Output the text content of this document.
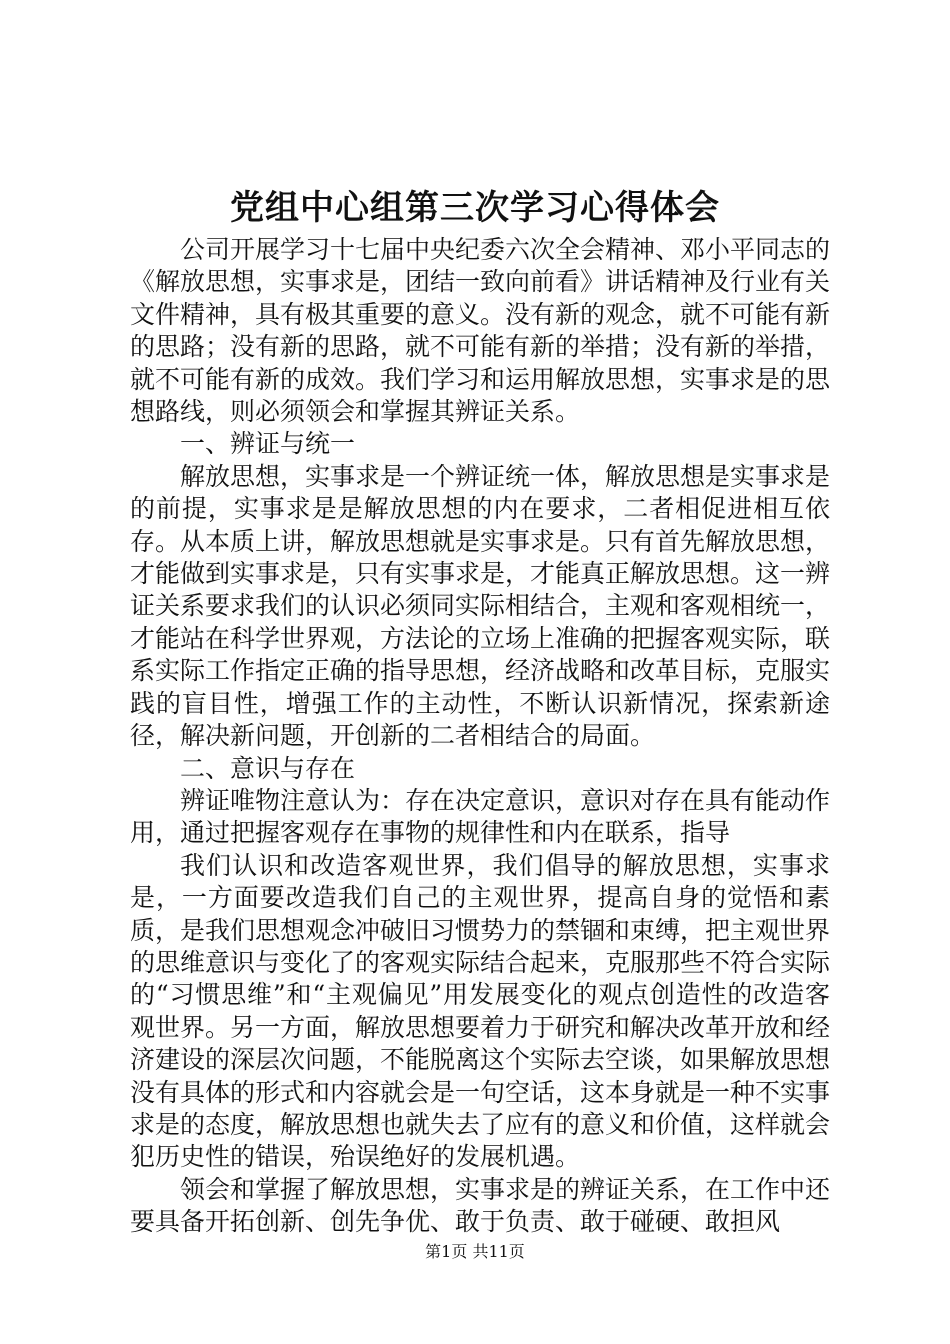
党组中心组第三次学习心得体会

公司开展学习十七届中央纪委六次全会精神、邓小平同志的《解放思想，实事求是，团结一致向前看》讲话精神及行业有关文件精神，具有极其重要的意义。没有新的观念，就不可能有新的思路；没有新的思路，就不可能有新的举措；没有新的举措，就不可能有新的成效。我们学习和运用解放思想，实事求是的思想路线，则必须领会和掌握其辨证关系。

一、辨证与统一

解放思想，实事求是一个辨证统一体，解放思想是实事求是的前提，实事求是是解放思想的内在要求，二者相促进相互依存。从本质上讲，解放思想就是实事求是。只有首先解放思想，才能做到实事求是，只有实事求是，才能真正解放思想。这一辨证关系要求我们的认识必须同实际相结合，主观和客观相统一，才能站在科学世界观，方法论的立场上准确的把握客观实际，联系实际工作指定正确的指导思想，经济战略和改革目标，克服实践的盲目性，增强工作的主动性，不断认识新情况，探索新途径，解决新问题，开创新的二者相结合的局面。

二、意识与存在

辨证唯物注意认为：存在决定意识，意识对存在具有能动作用，通过把握客观存在事物的规律性和内在联系，指导

我们认识和改造客观世界，我们倡导的解放思想，实事求是，一方面要改造我们自己的主观世界，提高自身的觉悟和素质，是我们思想观念冲破旧习惯势力的禁锢和束缚，把主观世界的思维意识与变化了的客观实际结合起来，克服那些不符合实际的“习惯思维”和“主观偏见”用发展变化的观点创造性的改造客观世界。另一方面，解放思想要着力于研究和解决改革开放和经济建设的深层次问题，不能脱离这个实际去空谈，如果解放思想没有具体的形式和内容就会是一句空话，这本身就是一种不实事求是的态度，解放思想也就失去了应有的意义和价值，这样就会犯历史性的错误，殆误绝好的发展机遇。

领会和掌握了解放思想，实事求是的辨证关系，在工作中还要具备开拓创新、创先争优、敢于负责、敢于碰硬、敢担风

第1页 共11页
